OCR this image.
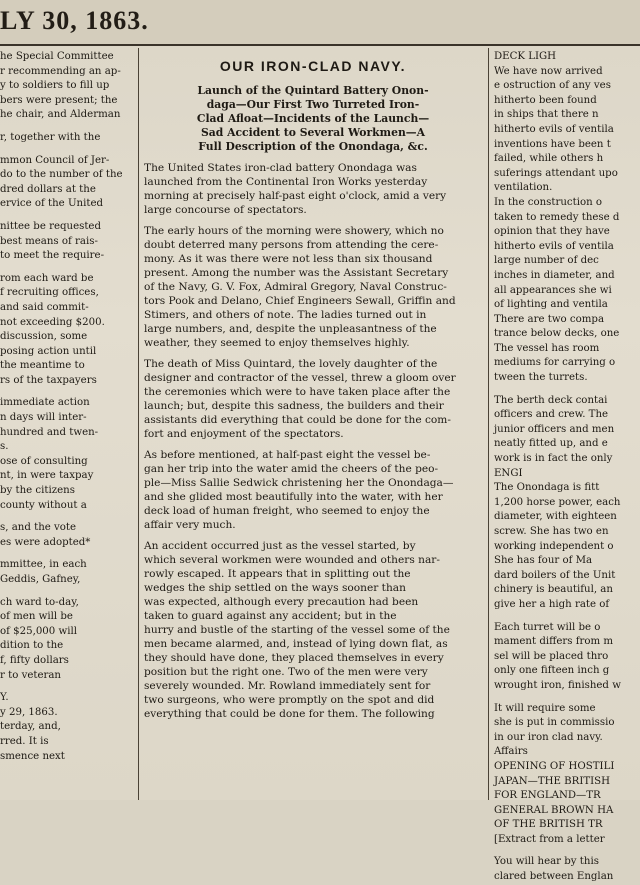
LY 30, 1863.
he Special Committee
r recommending an ap-
y to soldiers to fill up
bers were present; the
he chair, and Alderman
r, together with the
mmon Council of Jer-
do to the number of the
dred dollars at the
ervice of the United
nittee be requested
best means of rais-
to meet the require-
rom each ward be
f recruiting offices,
and said commit-
not exceeding $200.
discussion, some
posing action until
the meantime to
rs of the taxpayers
immediate action
n days will inter-
hundred and twen-
s.
ose of consulting
nt, in were taxpay
by the citizens
county without a
s, and the vote
es were adopted*
mmittee, in each
Geddis, Gafney,
ch ward to-day,
of men will be
of $25,000 will
dition to the
f, fifty dollars
r to veteran
Y.
y 29, 1863.
terday, and,
rred. It is
smence next
OUR IRON-CLAD NAVY.
Launch of the Quintard Battery Onon-
daga—Our First Two Turreted Iron-
Clad Afloat—Incidents of the Launch—
Sad Accident to Several Workmen—A
Full Description of the Onondaga, &c.
The United States iron-clad battery Onondaga was
launched from the Continental Iron Works yesterday
morning at precisely half-past eight o'clock, amid a very
large concourse of spectators.
The early hours of the morning were showery, which no
doubt deterred many persons from attending the cere-
mony. As it was there were not less than six thousand
present. Among the number was the Assistant Secretary
of the Navy, G. V. Fox, Admiral Gregory, Naval Construc-
tors Pook and Delano, Chief Engineers Sewall, Griffin and
Stimers, and others of note. The ladies turned out in
large numbers, and, despite the unpleasantness of the
weather, they seemed to enjoy themselves highly.
The death of Miss Quintard, the lovely daughter of the
designer and contractor of the vessel, threw a gloom over
the ceremonies which were to have taken place after the
launch; but, despite this sadness, the builders and their
assistants did everything that could be done for the com-
fort and enjoyment of the spectators.
As before mentioned, at half-past eight the vessel be-
gan her trip into the water amid the cheers of the peo-
ple—Miss Sallie Sedwick christening her the Onondaga—
and she glided most beautifully into the water, with her
deck load of human freight, who seemed to enjoy the
affair very much.
An accident occurred just as the vessel started, by
which several workmen were wounded and others nar-
rowly escaped. It appears that in splitting out the
wedges the ship settled on the ways sooner than
was expected, although every precaution had been
taken to guard against any accident; but in the
hurry and bustle of the starting of the vessel some of the
men became alarmed, and, instead of lying down flat, as
they should have done, they placed themselves in every
position but the right one. Two of the men were very
severely wounded. Mr. Rowland immediately sent for
two surgeons, who were promptly on the spot and did
everything that could be done for them. The following
DECK LIGH
We have now arrived
e ostruction of any ves
hitherto been found
in ships that there n
hitherto evils of ventila
inventions have been t
failed, while others h
suferings attendant upo
ventilation.
In the construction o
taken to remedy these d
opinion that they have
hitherto evils of ventila
large number of dec
inches in diameter, and
all appearances she wi
of lighting and ventila
There are two compa
trance below decks, one
The vessel has room
mediums for carrying o
tween the turrets.
The berth deck contai
officers and crew. The
junior officers and men
neatly fitted up, and e
work is in fact the only
ENGI
The Onondaga is fitt
1,200 horse power, each
diameter, with eighteen
screw. She has two en
working independent o
She has four of Ma
dard boilers of the Unit
chinery is beautiful, an
give her a high rate of
Each turret will be o
mament differs from m
sel will be placed thro
only one fifteen inch g
wrought iron, finished w
It will require some
she is put in commissio
in our iron clad navy.
Affairs
OPENING OF HOSTILI
JAPAN—THE BRITISH
FOR ENGLAND—TR
GENERAL BROWN HA
OF THE BRITISH TR
[Extract from a letter
You will hear by this
clared between Englan
